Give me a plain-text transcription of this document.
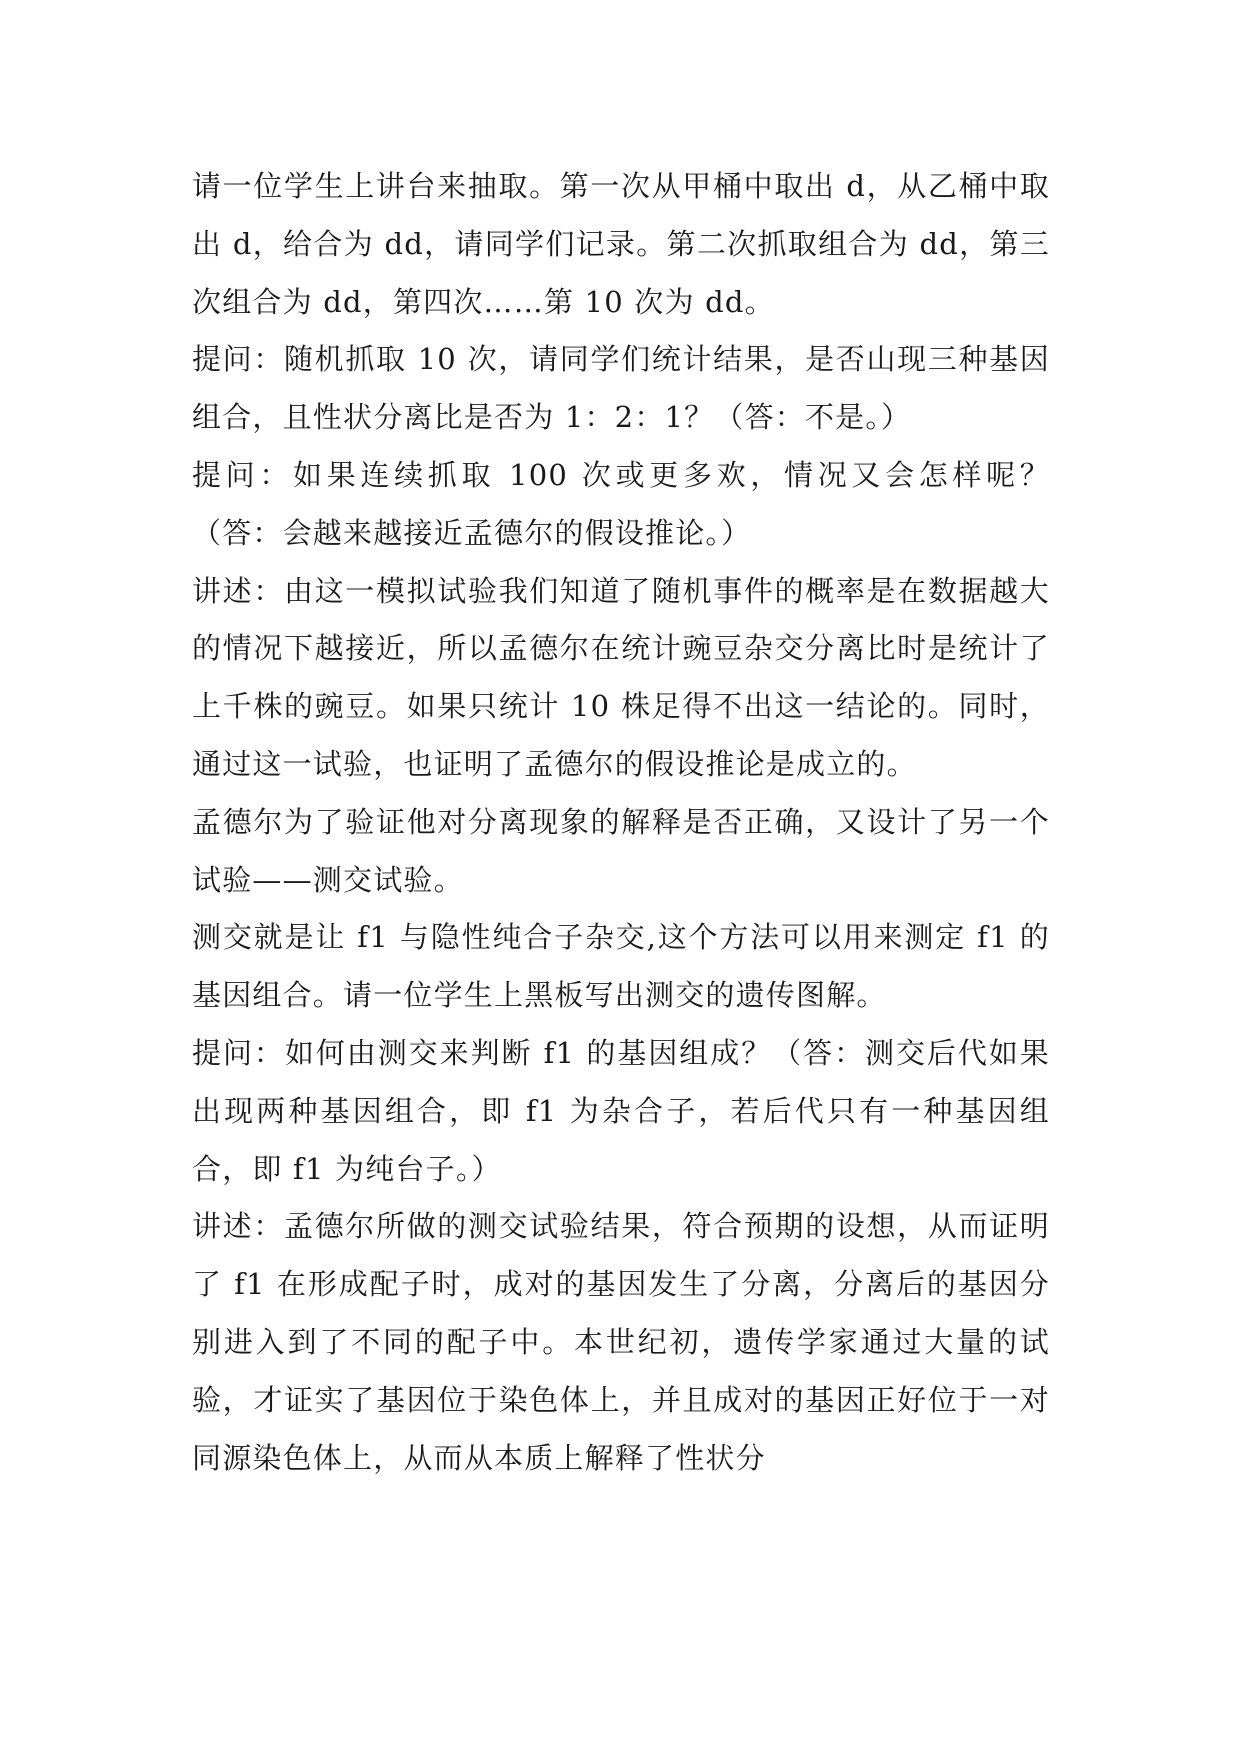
请一位学生上讲台来抽取。第一次从甲桶中取出 d，从乙桶中取出 d，给合为 dd，请同学们记录。第二次抓取组合为 dd，第三次组合为 dd，第四次……第 10 次为 dd。

提问：随机抓取 10 次，请同学们统计结果，是否山现三种基因组合，且性状分离比是否为 1：2：1？（答：不是。）

提问：如果连续抓取 100 次或更多欢，情况又会怎样呢？（答：会越来越接近孟德尔的假设推论。）

讲述：由这一模拟试验我们知道了随机事件的概率是在数据越大的情况下越接近，所以孟德尔在统计豌豆杂交分离比时是统计了上千株的豌豆。如果只统计 10 株足得不出这一结论的。同时，通过这一试验，也证明了孟德尔的假设推论是成立的。

孟德尔为了验证他对分离现象的解释是否正确，又设计了另一个试验——测交试验。

测交就是让 f1 与隐性纯合子杂交,这个方法可以用来测定 f1 的基因组合。请一位学生上黑板写出测交的遗传图解。

提问：如何由测交来判断 f1 的基因组成？（答：测交后代如果出现两种基因组合，即 f1 为杂合子，若后代只有一种基因组合，即 f1 为纯台子。）

讲述：孟德尔所做的测交试验结果，符合预期的设想，从而证明了 f1 在形成配子时，成对的基因发生了分离，分离后的基因分别进入到了不同的配子中。本世纪初，遗传学家通过大量的试验，才证实了基因位于染色体上，并且成对的基因正好位于一对同源染色体上，从而从本质上解释了性状分
